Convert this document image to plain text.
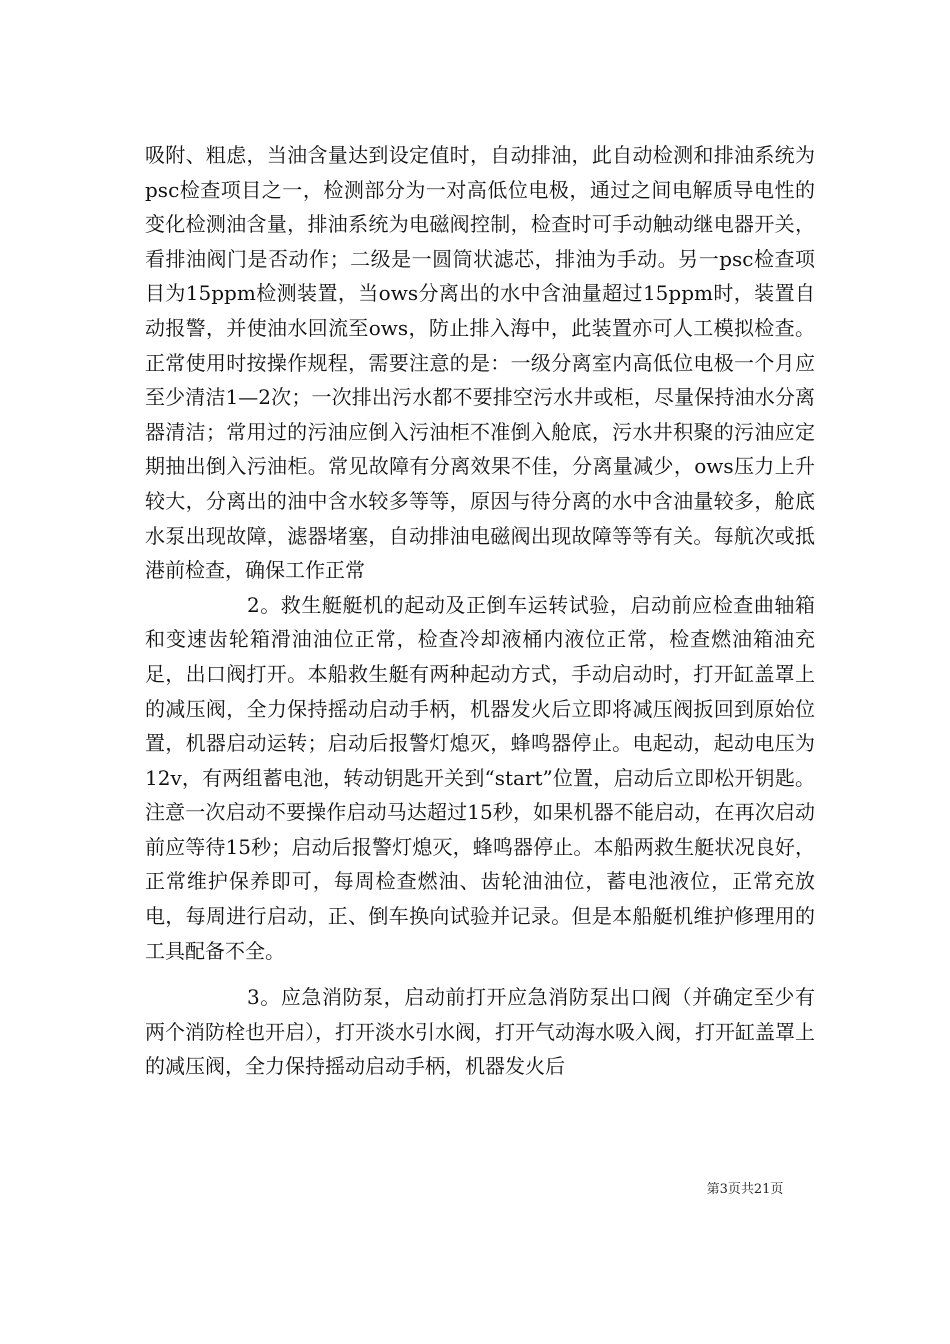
吸附、粗虑，当油含量达到设定值时，自动排油，此自动检测和排油系统为psc检查项目之一，检测部分为一对高低位电极，通过之间电解质导电性的变化检测油含量，排油系统为电磁阀控制，检查时可手动触动继电器开关，看排油阀门是否动作；二级是一圆筒状滤芯，排油为手动。另一psc检查项目为15ppm检测装置，当ows分离出的水中含油量超过15ppm时，装置自动报警，并使油水回流至ows，防止排入海中，此装置亦可人工模拟检查。正常使用时按操作规程，需要注意的是：一级分离室内高低位电极一个月应至少清洁1—2次；一次排出污水都不要排空污水井或柜，尽量保持油水分离器清洁；常用过的污油应倒入污油柜不准倒入舱底，污水井积聚的污油应定期抽出倒入污油柜。常见故障有分离效果不佳，分离量减少，ows压力上升较大，分离出的油中含水较多等等，原因与待分离的水中含油量较多，舱底水泵出现故障，滤器堵塞，自动排油电磁阀出现故障等等有关。每航次或抵港前检查，确保工作正常

2。救生艇艇机的起动及正倒车运转试验，启动前应检查曲轴箱和变速齿轮箱滑油油位正常，检查冷却液桶内液位正常，检查燃油箱油充足，出口阀打开。本船救生艇有两种起动方式，手动启动时，打开缸盖罩上的减压阀，全力保持摇动启动手柄，机器发火后立即将减压阀扳回到原始位置，机器启动运转；启动后报警灯熄灭，蜂鸣器停止。电起动，起动电压为12v，有两组蓄电池，转动钥匙开关到“start”位置，启动后立即松开钥匙。注意一次启动不要操作启动马达超过15秒，如果机器不能启动，在再次启动前应等待15秒；启动后报警灯熄灭，蜂鸣器停止。本船两救生艇状况良好，正常维护保养即可，每周检查燃油、齿轮油油位，蓄电池液位，正常充放电，每周进行启动，正、倒车换向试验并记录。但是本船艇机维护修理用的工具配备不全。

3。应急消防泵，启动前打开应急消防泵出口阀（并确定至少有两个消防栓也开启），打开淡水引水阀，打开气动海水吸入阀，打开缸盖罩上的减压阀，全力保持摇动启动手柄，机器发火后

第3页共21页
